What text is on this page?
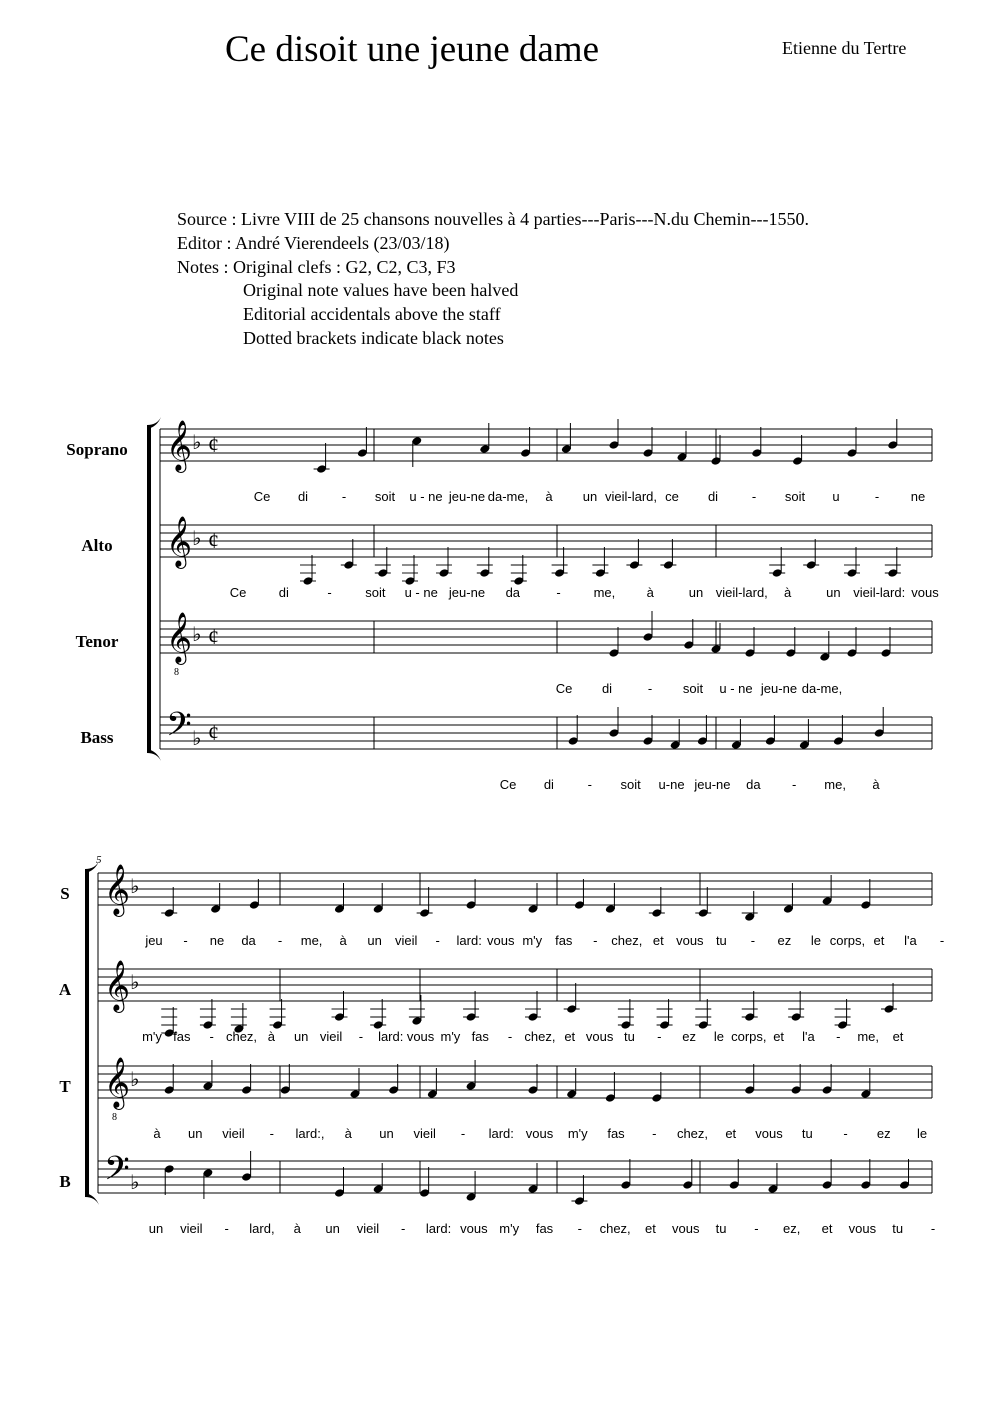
Ce disoit une jeune dame	Etienne du Tertre
Source : Livre VIII de 25 chansons nouvelles à 4 parties---Paris---N.du Chemin---1550.
Editor : André Vierendeels (23/03/18)
Notes : Original clefs : G2, C2, C3, F3
Original note values have been halved
Editorial accidentals above the staff
Dotted brackets indicate black notes
Soprano 𝄞 ♭ ¢
Ce di	- soit u - ne jeu-ne da-me, à un vieil-lard, ce di	- soit u	- ne
Alto 𝄞 ♭ ¢
Ce di	-	soit u - ne jeu-ne da	-	me, à	un vieil-lard, à	un vieil-lard: vous
Tenor 𝄞
8
♭ ¢
Ce di	- soit u - ne jeu-ne da-me,
Bass 𝄢 ♭ ¢
Ce di	- soit u-ne jeu-ne da - me, à
5
S 𝄞 ♭
jeu - ne da - me, à un vieil - lard: vous m'y fas - chez, et vous tu - ez le corps, et l'a -
A 𝄞 ♭
m'y fas - chez, à un vieil - lard: vous m'y fas - chez, et vous tu - ez le corps, et l'a - me, et
T 𝄞
8
♭
à un vieil - lard:, à un vieil - lard: vous m'y fas - chez, et vous tu - ez le
B 𝄢 ♭
un vieil - lard, à un vieil - lard: vous m'y fas - chez, et vous tu - ez, et vous tu -
